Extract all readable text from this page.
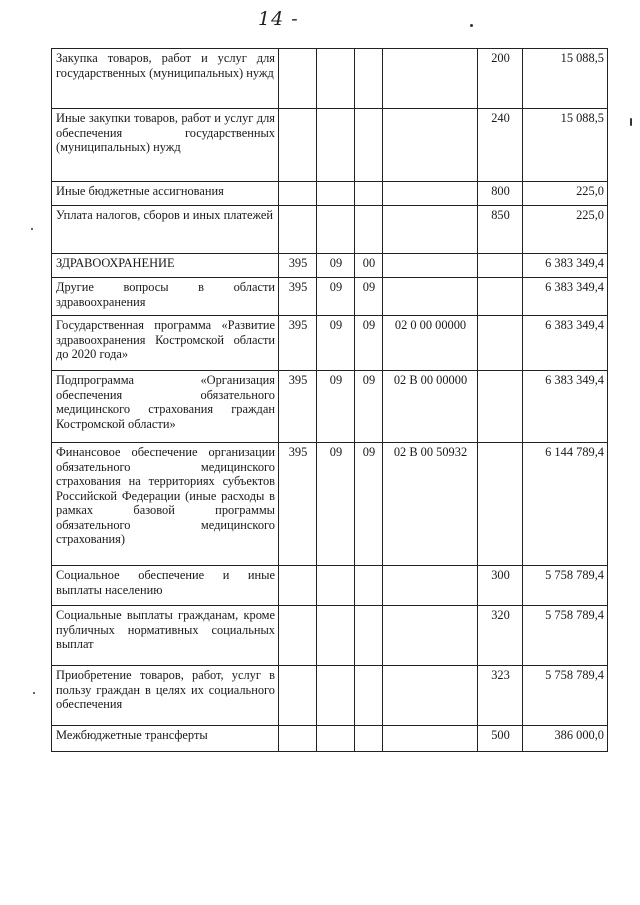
14 -
Закупка товаров, работ и услуг для государственных (муниципальных) нужд					200	15 088,5
Иные закупки товаров, работ и услуг для обеспечения государственных (муниципальных) нужд					240	15 088,5
Иные бюджетные ассигнования					800	225,0
Уплата налогов, сборов и иных платежей					850	225,0
ЗДРАВООХРАНЕНИЕ	395	09	00			6 383 349,4
Другие вопросы в области здравоохранения	395	09	09			6 383 349,4
Государственная программа «Развитие здравоохранения Костромской области до 2020 года»	395	09	09	02 0 00 00000		6 383 349,4
Подпрограмма «Организация обеспечения обязательного медицинского страхования граждан Костромской области»	395	09	09	02 В 00 00000		6 383 349,4
Финансовое обеспечение организации обязательного медицинского страхования на территориях субъектов Российской Федерации (иные расходы в рамках базовой программы обязательного медицинского страхования)	395	09	09	02 В 00 50932		6 144 789,4
Социальное обеспечение и иные выплаты населению					300	5 758 789,4
Социальные выплаты гражданам, кроме публичных нормативных социальных выплат					320	5 758 789,4
Приобретение товаров, работ, услуг в пользу граждан в целях их социального обеспечения					323	5 758 789,4
Межбюджетные трансферты					500	386 000,0
